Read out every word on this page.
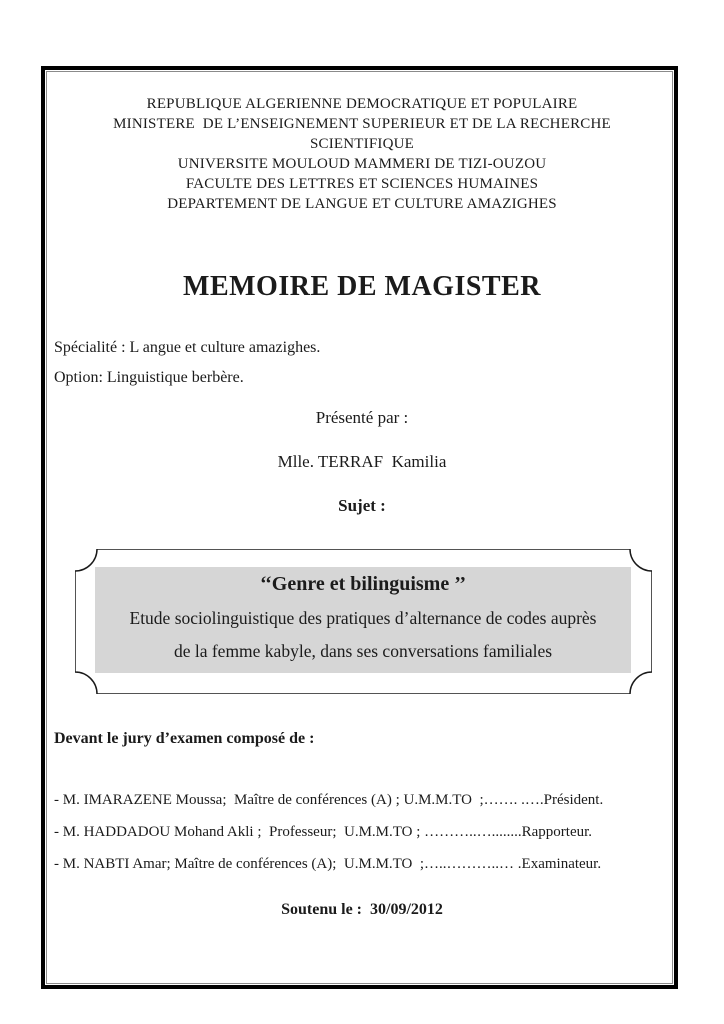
REPUBLIQUE ALGERIENNE DEMOCRATIQUE ET POPULAIRE
MINISTERE  DE L’ENSEIGNEMENT SUPERIEUR ET DE LA RECHERCHE
SCIENTIFIQUE
UNIVERSITE MOULOUD MAMMERI DE TIZI-OUZOU
FACULTE DES LETTRES ET SCIENCES HUMAINES
DEPARTEMENT DE LANGUE ET CULTURE AMAZIGHES
MEMOIRE DE MAGISTER
Spécialité : L angue et culture amazighes.
Option: Linguistique berbère.
Présenté par :
Mlle. TERRAF  Kamilia
Sujet :
‘‘Genre et bilinguisme ’’
Etude sociolinguistique des pratiques d’alternance de codes auprès
de la femme kabyle, dans ses conversations familiales
Devant le jury d’examen composé de :
- M. IMARAZENE Moussa;  Maître de conférences (A) ; U.M.M.TO  ;……. .….Président.
- M. HADDADOU Mohand Akli ;  Professeur;  U.M.M.TO ; ………..…........Rapporteur.
- M. NABTI Amar; Maître de conférences (A);  U.M.M.TO  ;…..………..… .Examinateur.
Soutenu le :  30/09/2012
